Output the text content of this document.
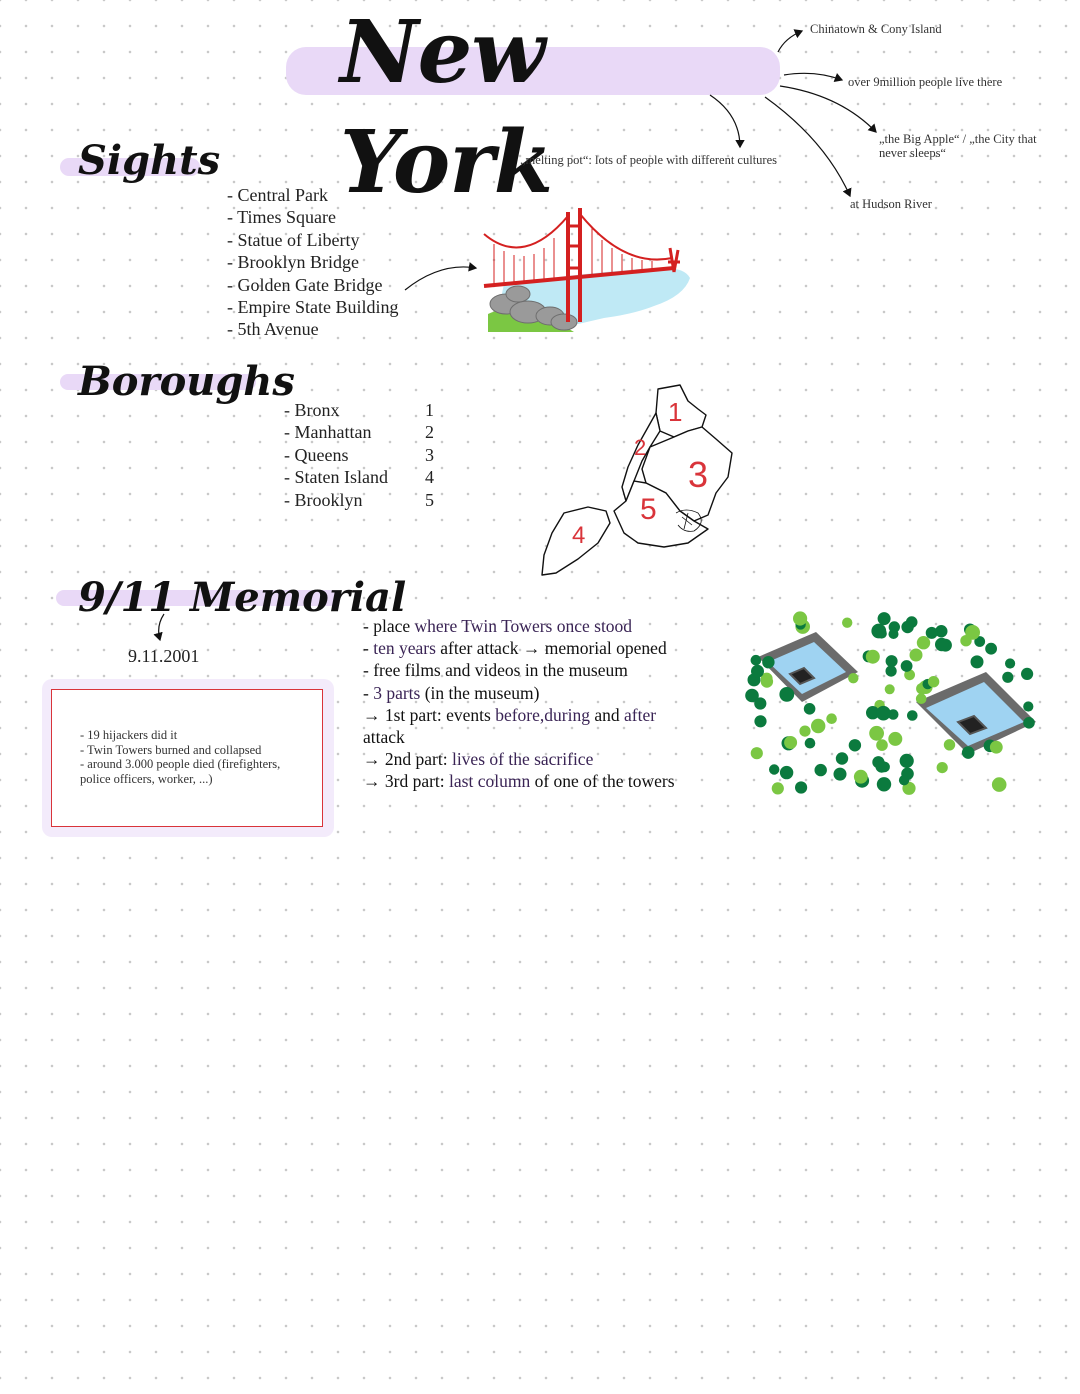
New York
Chinatown & Cony Island
over 9million people live there
„the Big Apple“ / „the City that never sleeps“
at Hudson River
„melting pot“: lots of people with different cultures
Sights
- Central Park
- Times Square
- Statue of Liberty
- Brooklyn Bridge
- Golden Gate Bridge
- Empire State Building
- 5th Avenue
Boroughs
- Bronx
- Manhattan
- Queens
- Staten Island
- Brooklyn
1
2
3
4
5
1
2
3
4
5
9/11 Memorial
9.11.2001
- 19 hijackers did it
- Twin Towers burned and collapsed
- around 3.000 people died (firefighters, police officers, worker, ...)
- place where Twin Towers once stood
- ten years after attack → memorial opened
- free films and videos in the museum
- 3 parts (in the museum)
→ 1st part: events before,during and after
attack
→ 2nd part: lives of the sacrifice
→ 3rd part: last column of one of the towers
